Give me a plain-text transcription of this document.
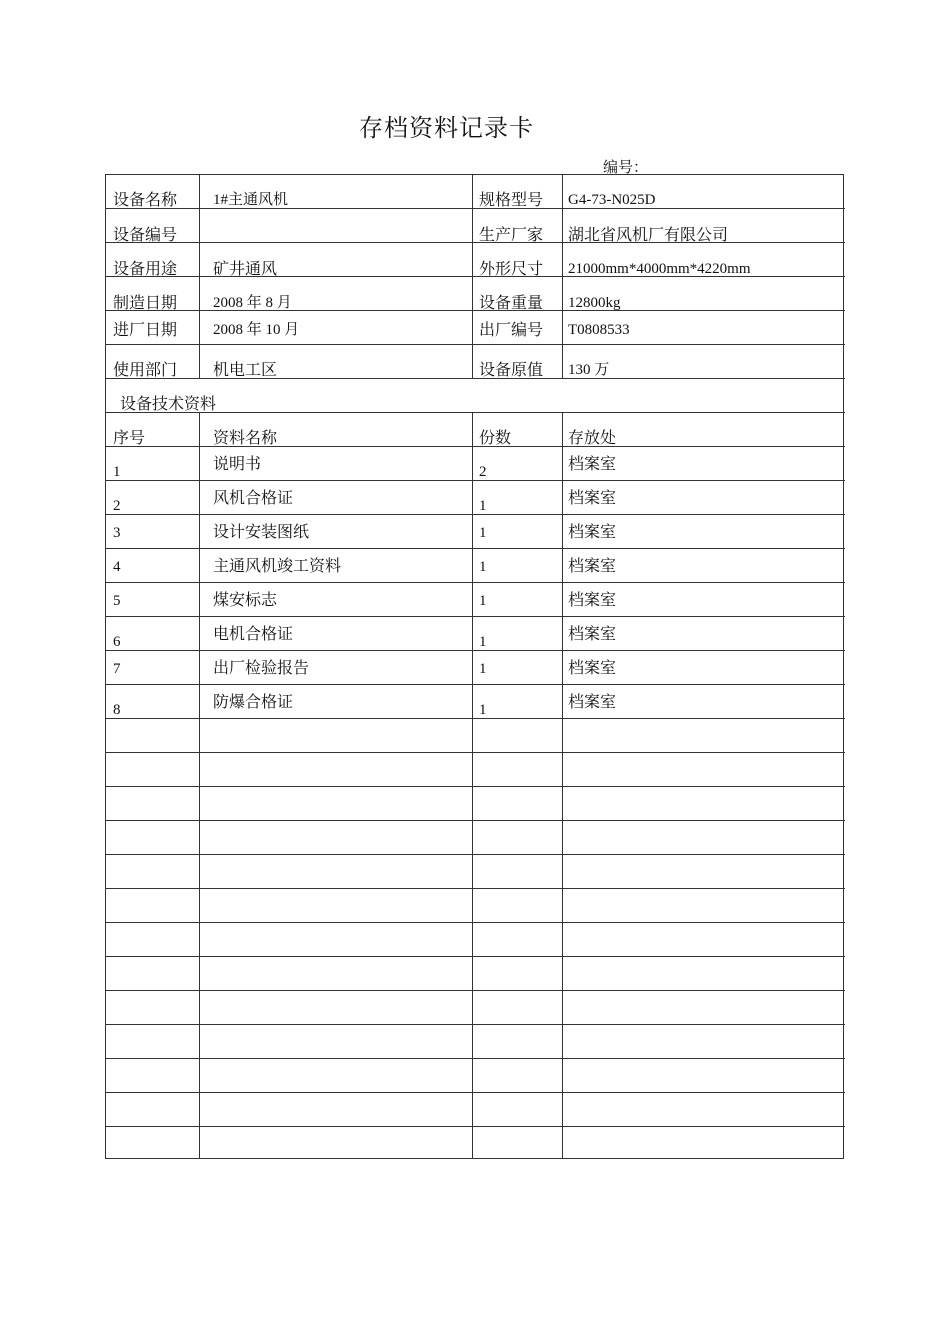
存档资料记录卡
编号：
设备名称 1#主通风机	规格型号 G4-73-N025D
设备编号	生产厂家 湖北省风机厂有限公司
设备用途 矿井通风	外形尺寸 21000mm*4000mm*4220mm
制造日期 2008 年 8 月	设备重量 12800kg
进厂日期 2008 年 10 月	出厂编号 T0808533
使用部门 机电工区	设备原值 130 万
设备技术资料
序号	资料名称	份数	存放处
1	说明书	2	档案室
2	风机合格证	1	档案室
3	设计安装图纸	1	档案室
4	主通风机竣工资料	1	档案室
5	煤安标志	1	档案室
6	电机合格证	1	档案室
7	出厂检验报告	1	档案室
8	防爆合格证	1	档案室
